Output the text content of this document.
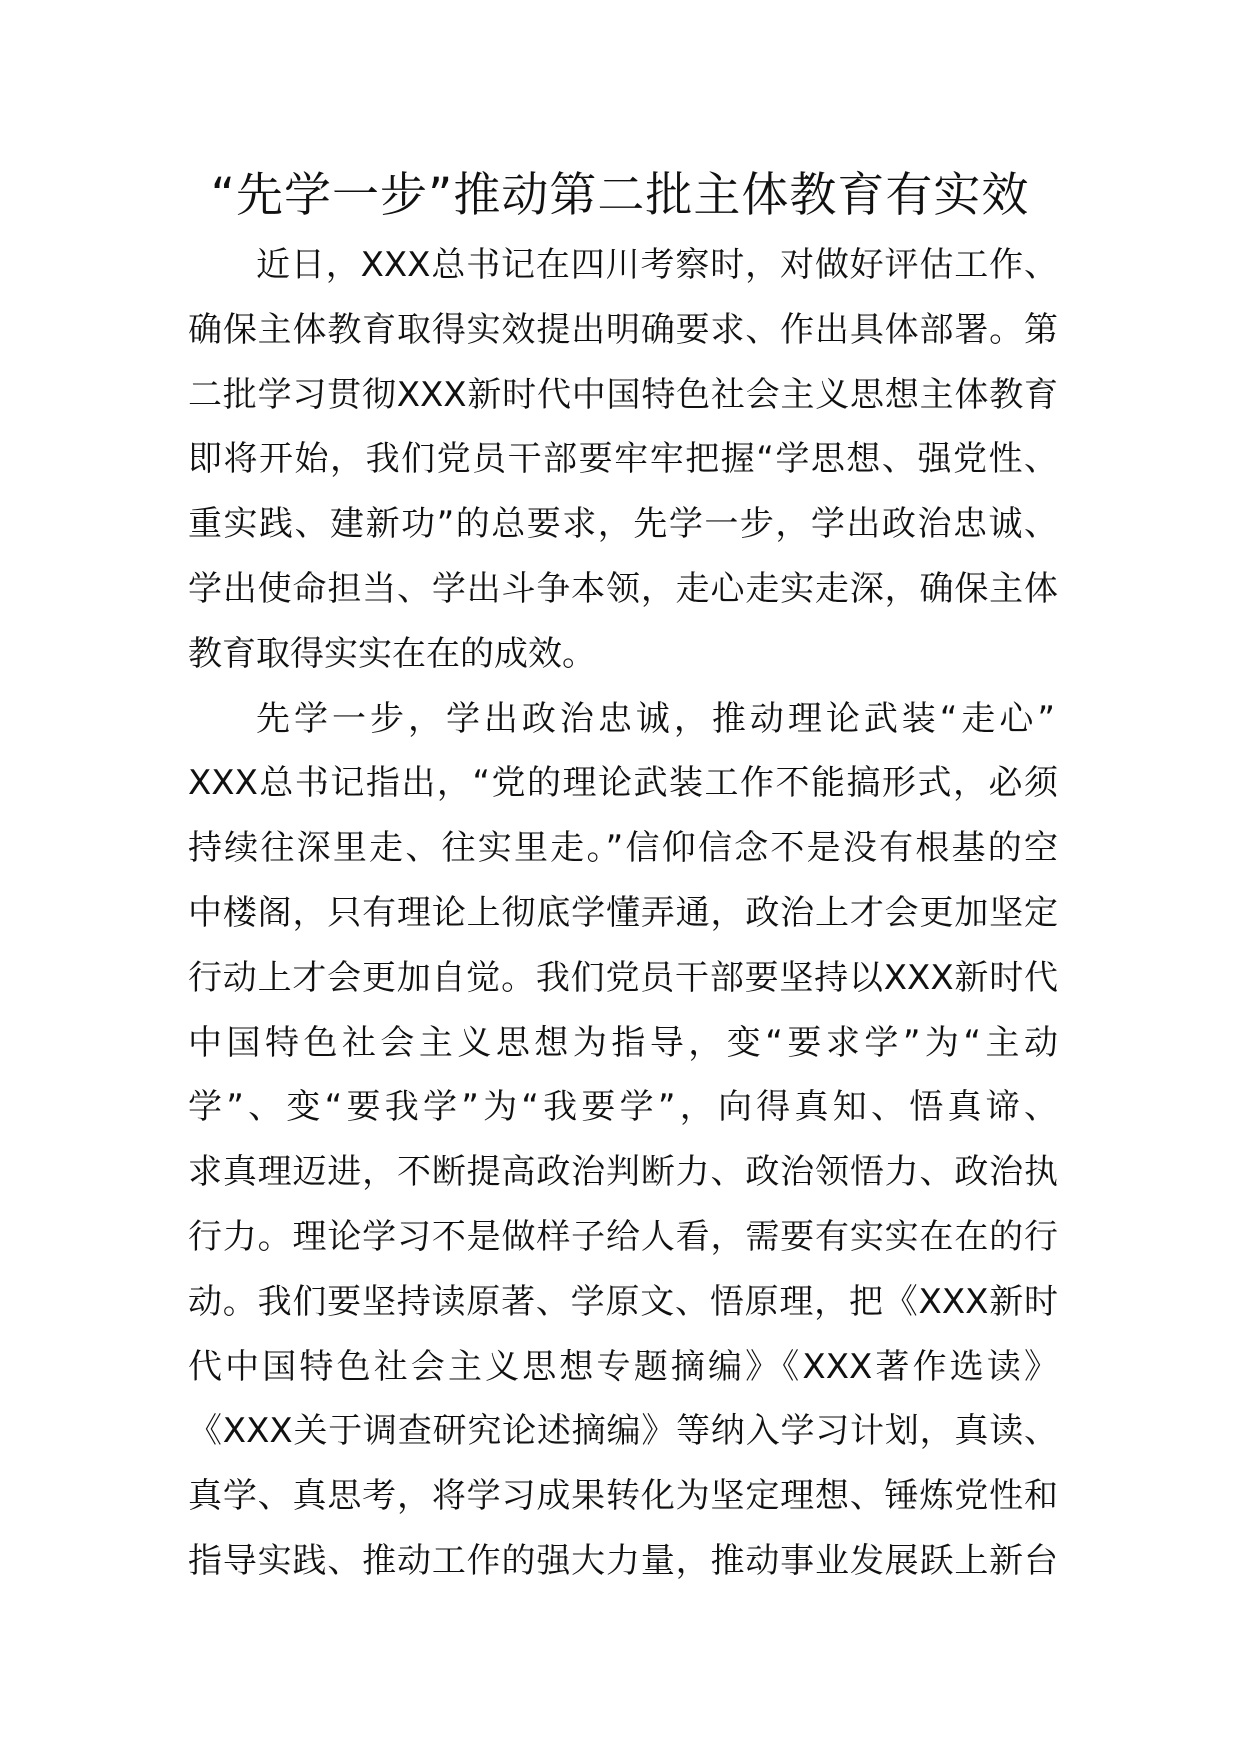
“先学一步”推动第二批主体教育有实效
近日，XXX总书记在四川考察时，对做好评估工作、
确保主体教育取得实效提出明确要求、作出具体部署。第
二批学习贯彻XXX新时代中国特色社会主义思想主体教育
即将开始，我们党员干部要牢牢把握“学思想、强党性、
重实践、建新功”的总要求，先学一步，学出政治忠诚、
学出使命担当、学出斗争本领，走心走实走深，确保主体
教育取得实实在在的成效。
先学一步，学出政治忠诚，推动理论武装“走心”
XXX总书记指出，“党的理论武装工作不能搞形式，必须
持续往深里走、往实里走。”信仰信念不是没有根基的空
中楼阁，只有理论上彻底学懂弄通，政治上才会更加坚定
行动上才会更加自觉。我们党员干部要坚持以XXX新时代
中国特色社会主义思想为指导，变“要求学”为“主动
学”、变“要我学”为“我要学”，向得真知、悟真谛、
求真理迈进，不断提高政治判断力、政治领悟力、政治执
行力。理论学习不是做样子给人看，需要有实实在在的行
动。我们要坚持读原著、学原文、悟原理，把《XXX新时
代中国特色社会主义思想专题摘编》《XXX著作选读》
《XXX关于调查研究论述摘编》等纳入学习计划，真读、
真学、真思考，将学习成果转化为坚定理想、锤炼党性和
指导实践、推动工作的强大力量，推动事业发展跃上新台
